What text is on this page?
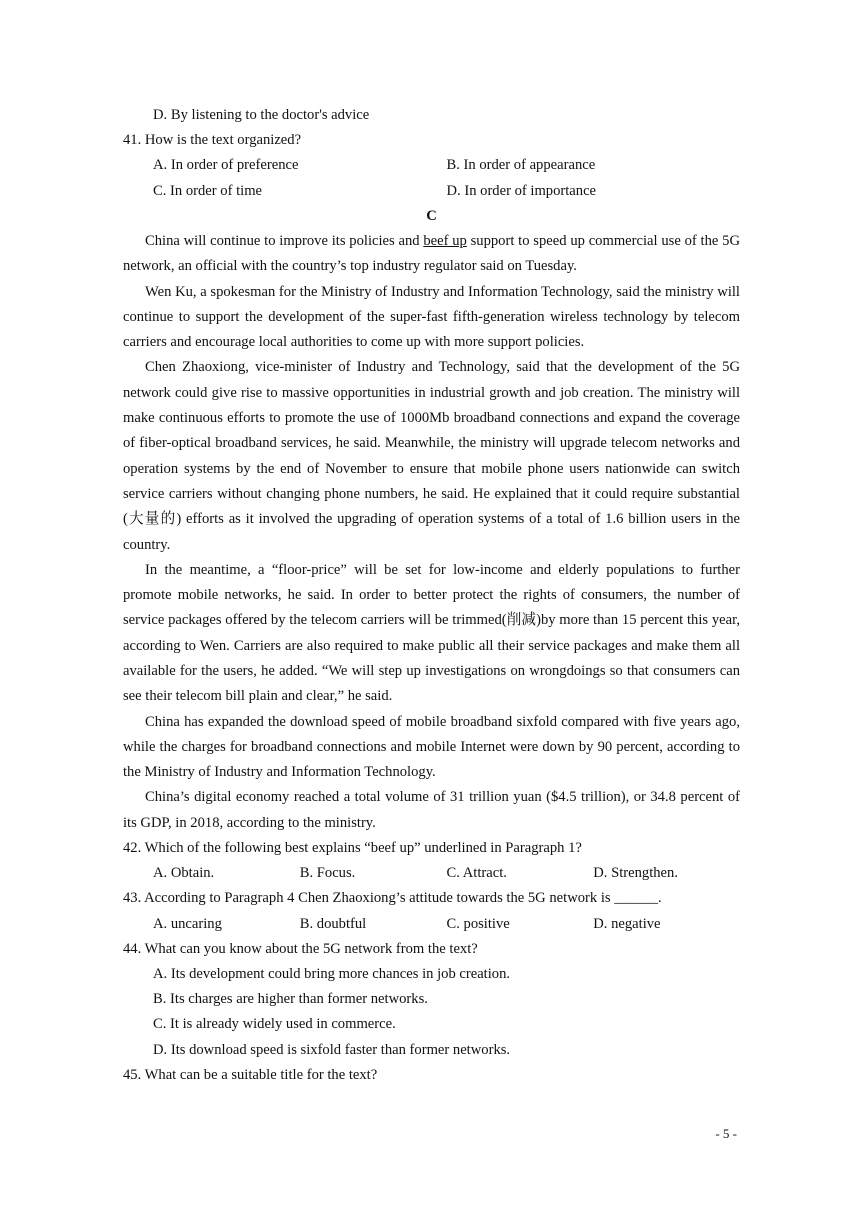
D. By listening to the doctor's advice
41. How is the text organized?
A. In order of preference	B. In order of appearance
C. In order of time	D. In order of importance
C

China will continue to improve its policies and beef up support to speed up commercial use of the 5G network, an official with the country’s top industry regulator said on Tuesday.

Wen Ku, a spokesman for the Ministry of Industry and Information Technology, said the ministry will continue to support the development of the super-fast fifth-generation wireless technology by telecom carriers and encourage local authorities to come up with more support policies.

Chen Zhaoxiong, vice-minister of Industry and Technology, said that the development of the 5G network could give rise to massive opportunities in industrial growth and job creation. The ministry will make continuous efforts to promote the use of 1000Mb broadband connections and expand the coverage of fiber-optical broadband services, he said. Meanwhile, the ministry will upgrade telecom networks and operation systems by the end of November to ensure that mobile phone users nationwide can switch service carriers without changing phone numbers, he said. He explained that it could require substantial (大量的) efforts as it involved the upgrading of operation systems of a total of 1.6 billion users in the country.

In the meantime, a “floor-price” will be set for low-income and elderly populations to further promote mobile networks, he said. In order to better protect the rights of consumers, the number of service packages offered by the telecom carriers will be trimmed(削减)by more than 15 percent this year, according to Wen. Carriers are also required to make public all their service packages and make them all available for the users, he added. “We will step up investigations on wrongdoings so that consumers can see their telecom bill plain and clear,” he said.

China has expanded the download speed of mobile broadband sixfold compared with five years ago, while the charges for broadband connections and mobile Internet were down by 90 percent, according to the Ministry of Industry and Information Technology.

China’s digital economy reached a total volume of 31 trillion yuan ($4.5 trillion), or 34.8 percent of its GDP, in 2018, according to the ministry.

42. Which of the following best explains “beef up” underlined in Paragraph 1?
A. Obtain.	B. Focus.	C. Attract.	D. Strengthen.
43. According to Paragraph 4 Chen Zhaoxiong’s attitude towards the 5G network is ______.
A. uncaring	B. doubtful	C. positive	D. negative
44. What can you know about the 5G network from the text?
A. Its development could bring more chances in job creation.
B. Its charges are higher than former networks.
C. It is already widely used in commerce.
D. Its download speed is sixfold faster than former networks.
45. What can be a suitable title for the text?
- 5 -
